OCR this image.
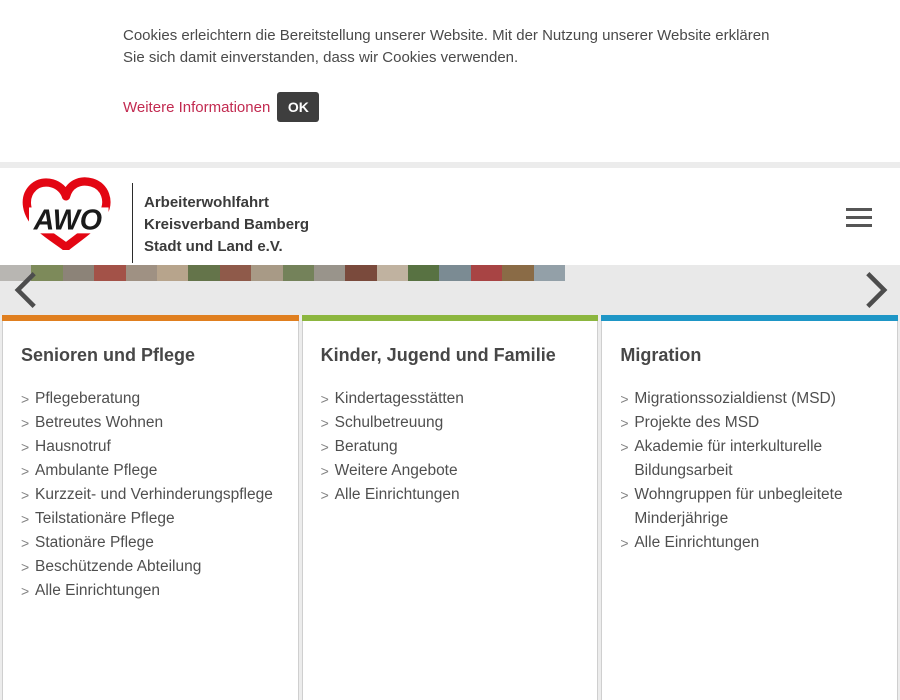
Cookies erleichtern die Bereitstellung unserer Website. Mit der Nutzung unserer Website erklären
Sie sich damit einverstanden, dass wir Cookies verwenden.
Weitere Informationen	OK
AWO
Arbeiterwohlfahrt
Kreisverband Bamberg
Stadt und Land e.V.
Senioren und Pflege
> Pflegeberatung
> Betreutes Wohnen
> Hausnotruf
> Ambulante Pflege
> Kurzzeit- und Verhinderungspflege
> Teilstationäre Pflege
> Stationäre Pflege
> Beschützende Abteilung
> Alle Einrichtungen
Kinder, Jugend und Familie
> Kindertagesstätten
> Schulbetreuung
> Beratung
> Weitere Angebote
> Alle Einrichtungen
Migration
> Migrationssozialdienst (MSD)
> Projekte des MSD
> Akademie für interkulturelle Bildungsarbeit
> Wohngruppen für unbegleitete Minderjährige
> Alle Einrichtungen
